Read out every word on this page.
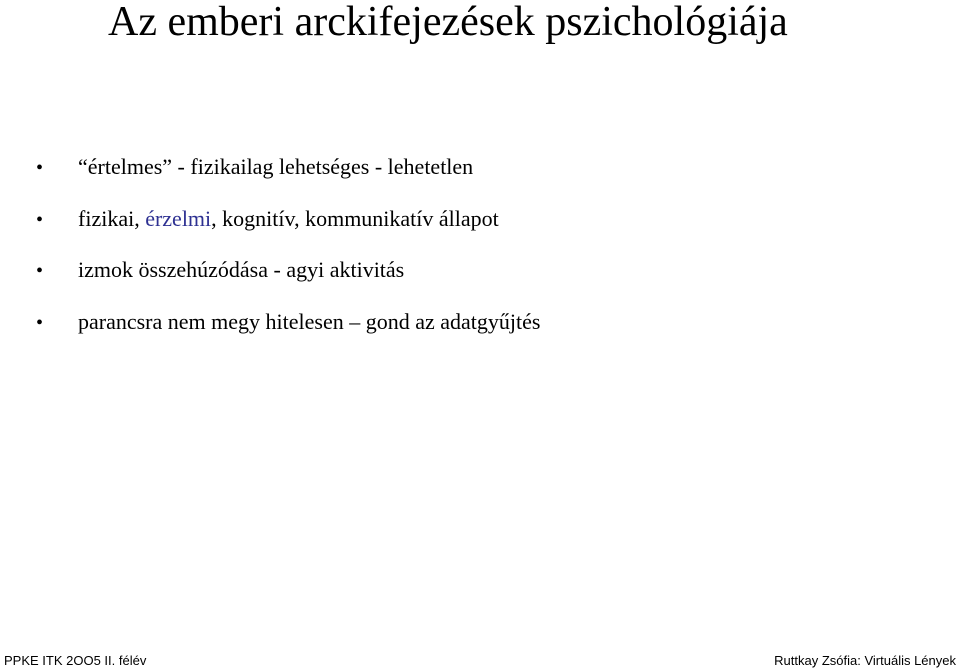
Az emberi arckifejezések pszichológiája
•	“értelmes” - fizikailag lehetséges - lehetetlen
•	fizikai, érzelmi, kognitív, kommunikatív állapot
•	izmok összehúzódása - agyi aktivitás
•	parancsra nem megy hitelesen – gond az adatgyűjtés
PPKE ITK 2OO5 II. félév	Ruttkay Zsófia: Virtuális Lények
